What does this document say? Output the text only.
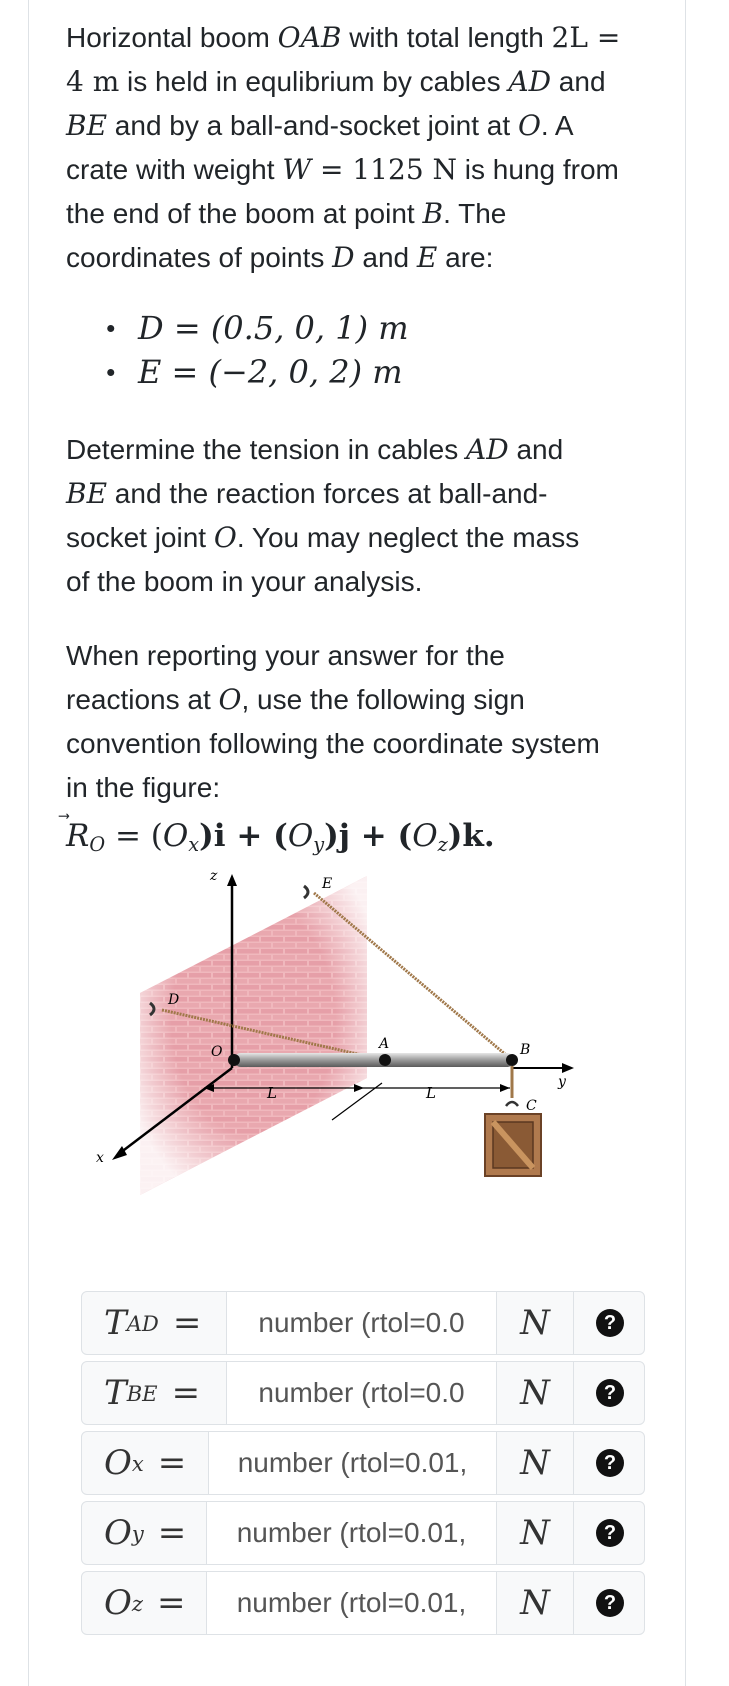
Horizontal boom OAB with total length 2L = 4 m is held in equlibrium by cables AD and BE and by a ball-and-socket joint at O. A crate with weight W = 1125 N is hung from the end of the boom at point B. The coordinates of points D and E are:

• D = (0.5, 0, 1) m
• E = (−2, 0, 2) m

Determine the tension in cables AD and BE and the reaction forces at ball-and-socket joint O. You may neglect the mass of the boom in your analysis.

When reporting your answer for the reactions at O, use the following sign convention following the coordinate system in the figure:

R
$_O = (O_x)i + (O_y)j + (O_z)k$.
z
y
x
O	A	B
C
D
E
L	L
T AD =	number (rtol=0.0	N	?
T BE =	number (rtol=0.0	N	?
O x =	number (rtol=0.01,	N	?
O y =	number (rtol=0.01,	N	?
O z =	number (rtol=0.01,	N	?
